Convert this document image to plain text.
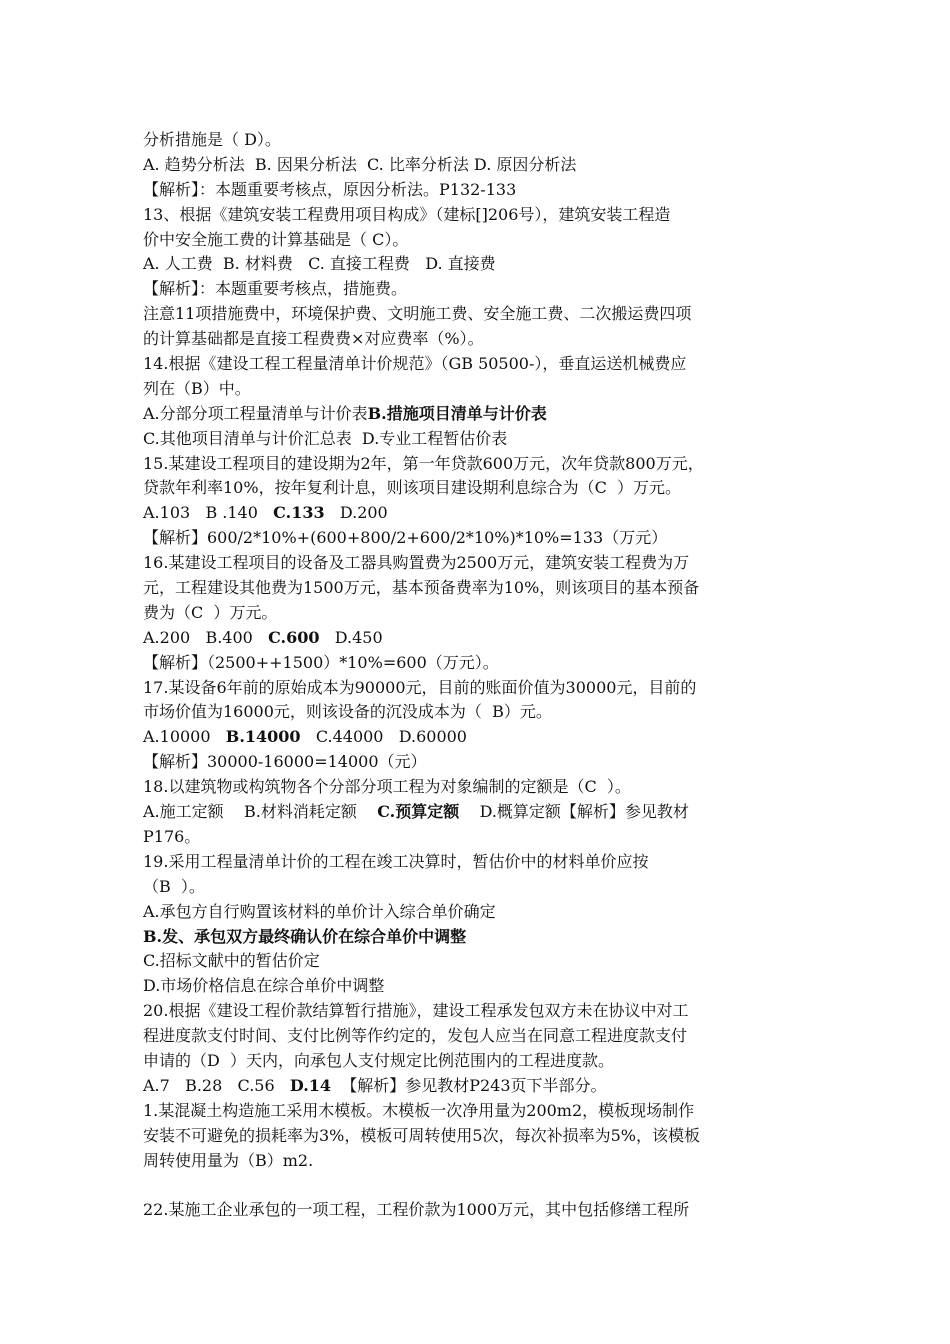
分析措施是（ D）。
A. 趋势分析法  B. 因果分析法  C. 比率分析法 D. 原因分析法
【解析】：本题重要考核点，原因分析法。P132-133
13、根据《建筑安装工程费用项目构成》（建标[]206号），建筑安装工程造
价中安全施工费的计算基础是（ C）。
A. 人工费  B. 材料费   C. 直接工程费   D. 直接费
【解析】：本题重要考核点，措施费。
注意11项措施费中，环境保护费、文明施工费、安全施工费、二次搬运费四项
的计算基础都是直接工程费费×对应费率（%）。
14.根据《建设工程工程量清单计价规范》（GB 50500-），垂直运送机械费应
列在（B）中。
A.分部分项工程量清单与计价表B.措施项目清单与计价表
C.其他项目清单与计价汇总表  D.专业工程暂估价表
15.某建设工程项目的建设期为2年，第一年贷款600万元，次年贷款800万元，
贷款年利率10%，按年复利计息，则该项目建设期利息综合为（C  ）万元。
A.103   B .140   C.133   D.200
【解析】600/2*10%+(600+800/2+600/2*10%)*10%=133（万元）
16.某建设工程项目的设备及工器具购置费为2500万元，建筑安装工程费为万
元，工程建设其他费为1500万元，基本预备费率为10%，则该项目的基本预备
费为（C  ）万元。
A.200   B.400   C.600   D.450
【解析】（2500++1500）*10%=600（万元）。
17.某设备6年前的原始成本为90000元，目前的账面价值为30000元，目前的
市场价值为16000元，则该设备的沉没成本为（  B）元。
A.10000   B.14000   C.44000   D.60000
【解析】30000-16000=14000（元）
18.以建筑物或构筑物各个分部分项工程为对象编制的定额是（C  ）。
A.施工定额    B.材料消耗定额    C.预算定额    D.概算定额【解析】参见教材
P176。
19.采用工程量清单计价的工程在竣工决算时，暂估价中的材料单价应按
（B  ）。
A.承包方自行购置该材料的单价计入综合单价确定
B.发、承包双方最终确认价在综合单价中调整
C.招标文献中的暂估价定
D.市场价格信息在综合单价中调整
20.根据《建设工程价款结算暂行措施》，建设工程承发包双方未在协议中对工
程进度款支付时间、支付比例等作约定的，发包人应当在同意工程进度款支付
申请的（D  ）天内，向承包人支付规定比例范围内的工程进度款。
A.7   B.28   C.56   D.14  【解析】参见教材P243页下半部分。
1.某混凝土构造施工采用木模板。木模板一次净用量为200m2，模板现场制作
安装不可避免的损耗率为3%，模板可周转使用5次，每次补损率为5%，该模板
周转使用量为（B）m2.
22.某施工企业承包的一项工程，工程价款为1000万元，其中包括修缮工程所
